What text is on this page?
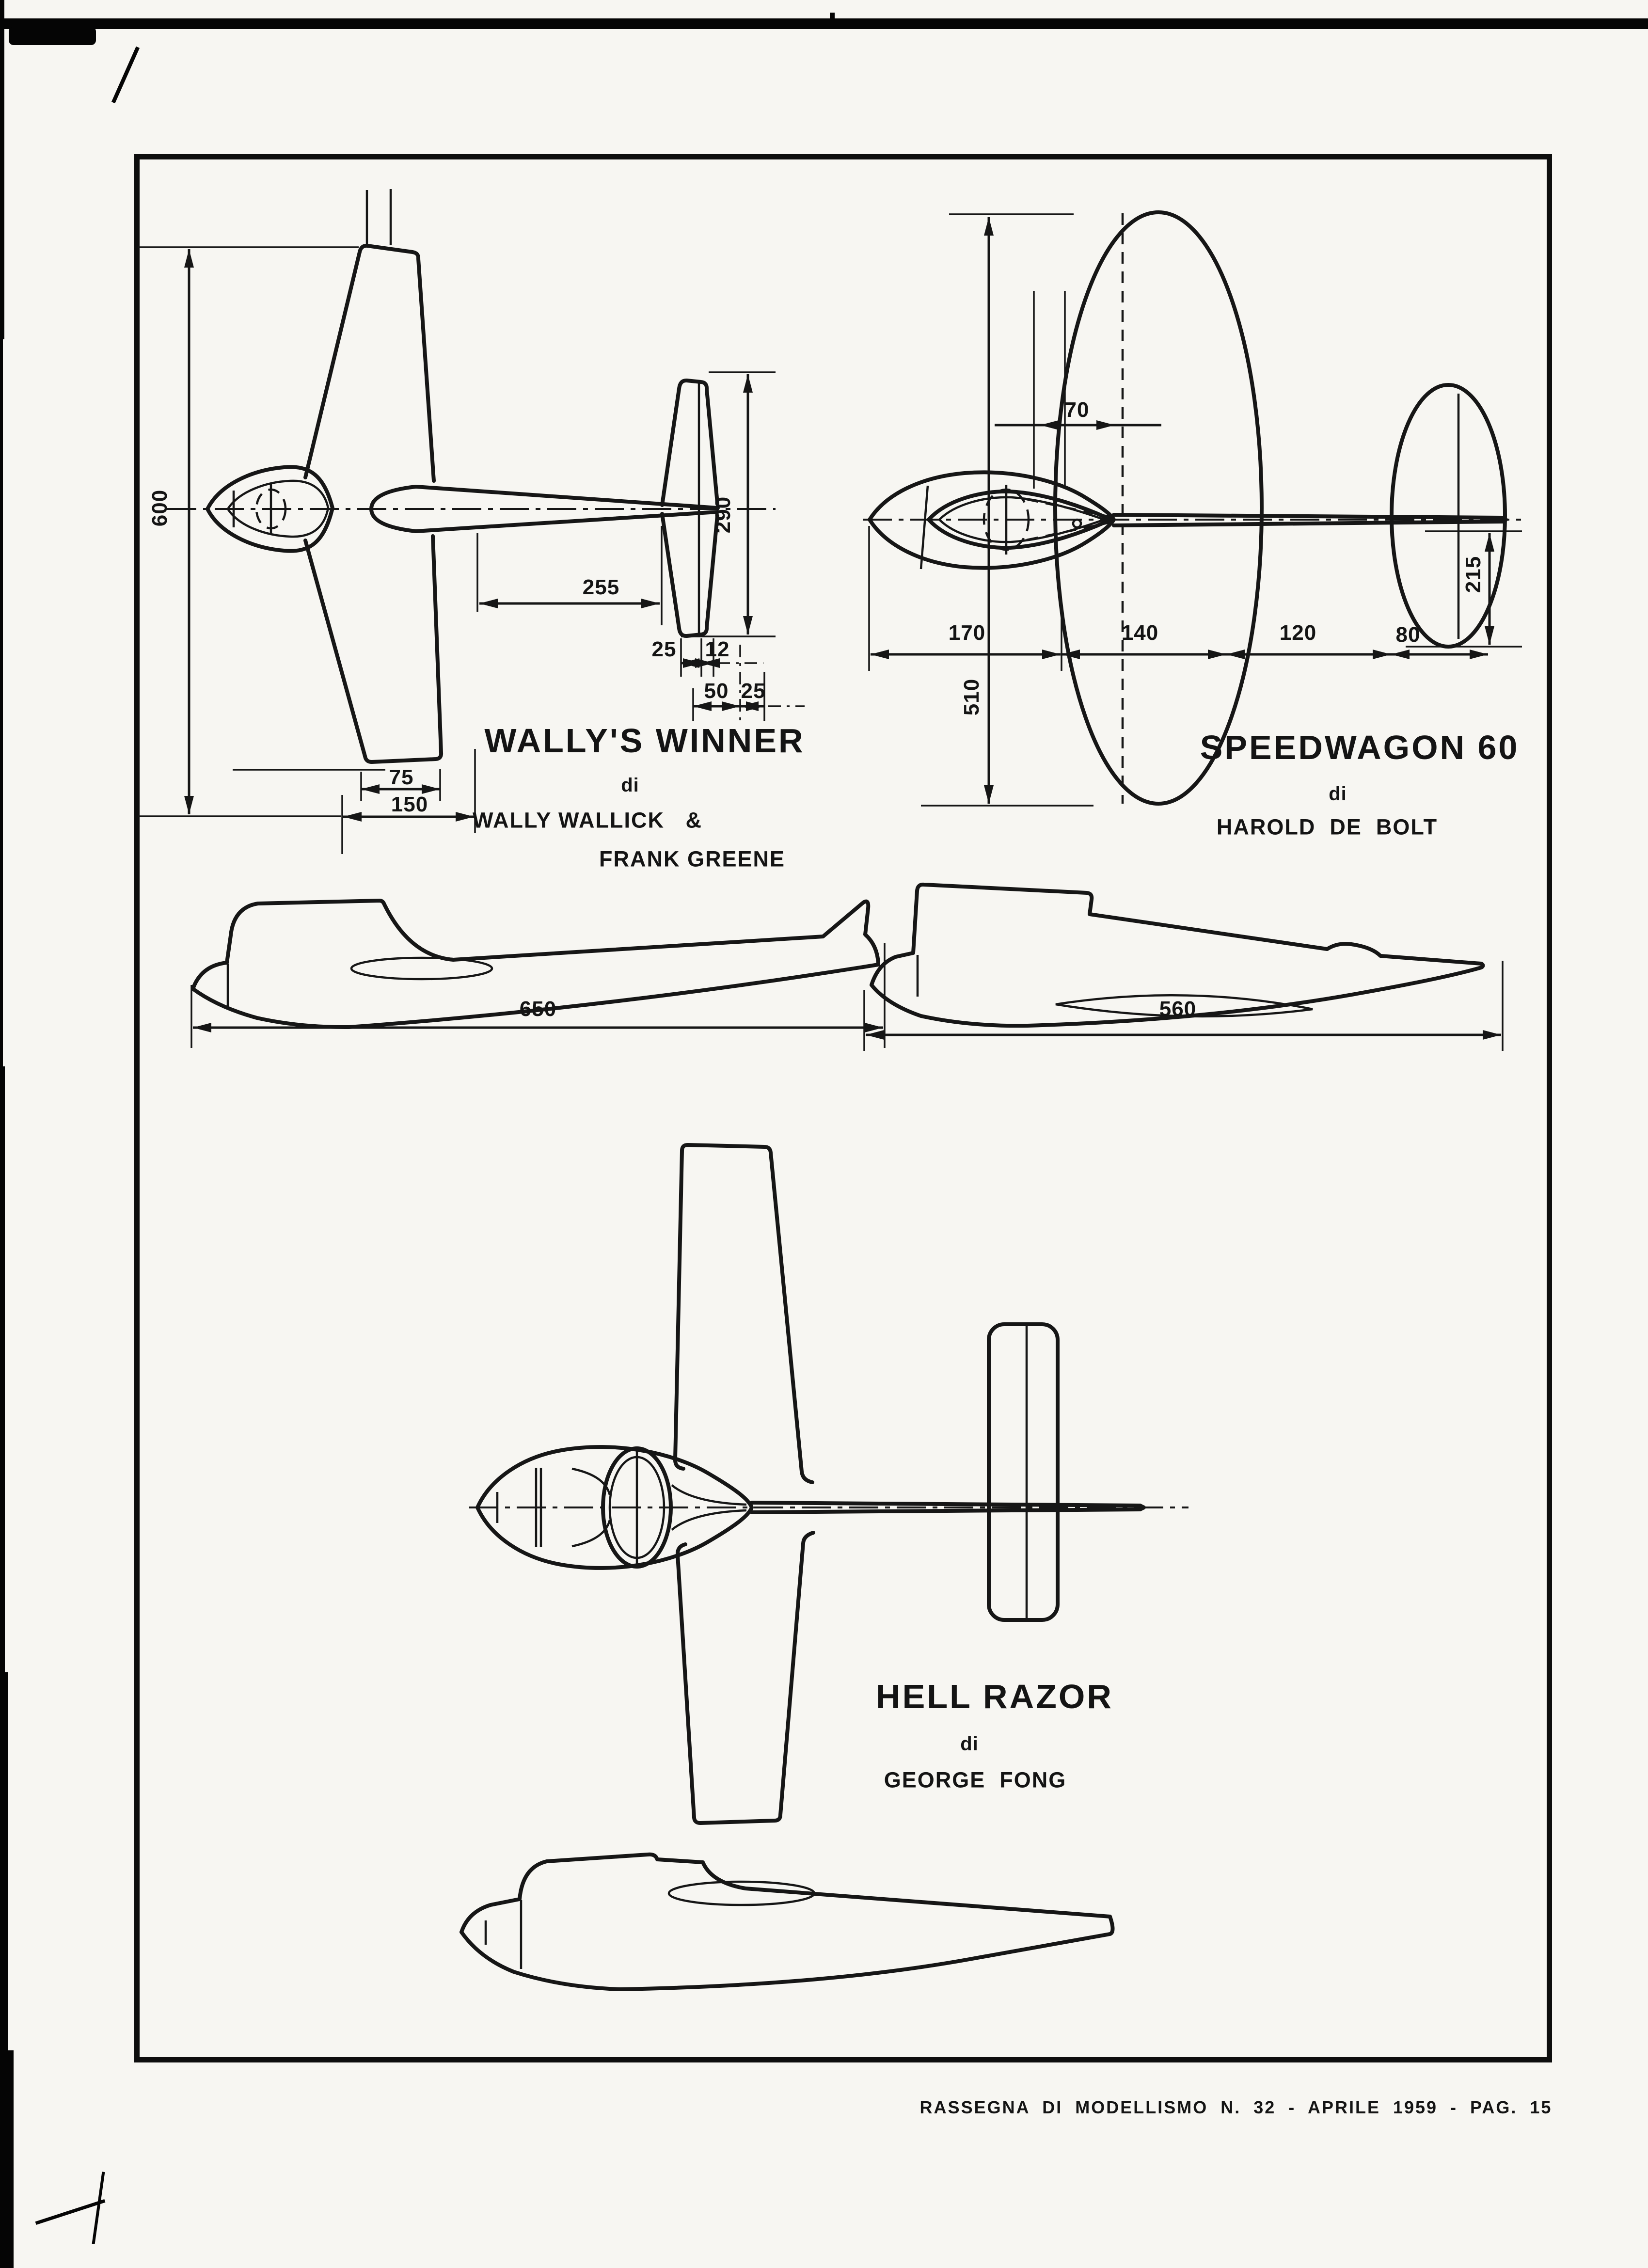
WALLY'S WINNER
di
WALLY WALLICK   &
FRANK GREENE
600
255
290
25 12
50 25
75
150
650
SPEEDWAGON 60
di
HAROLD  DE  BOLT
70
170	140	120	80
215
510
560
HELL RAZOR
di
GEORGE  FONG
RASSEGNA  DI  MODELLISMO  N.  32  -  APRILE  1959  -  PAG.  15
